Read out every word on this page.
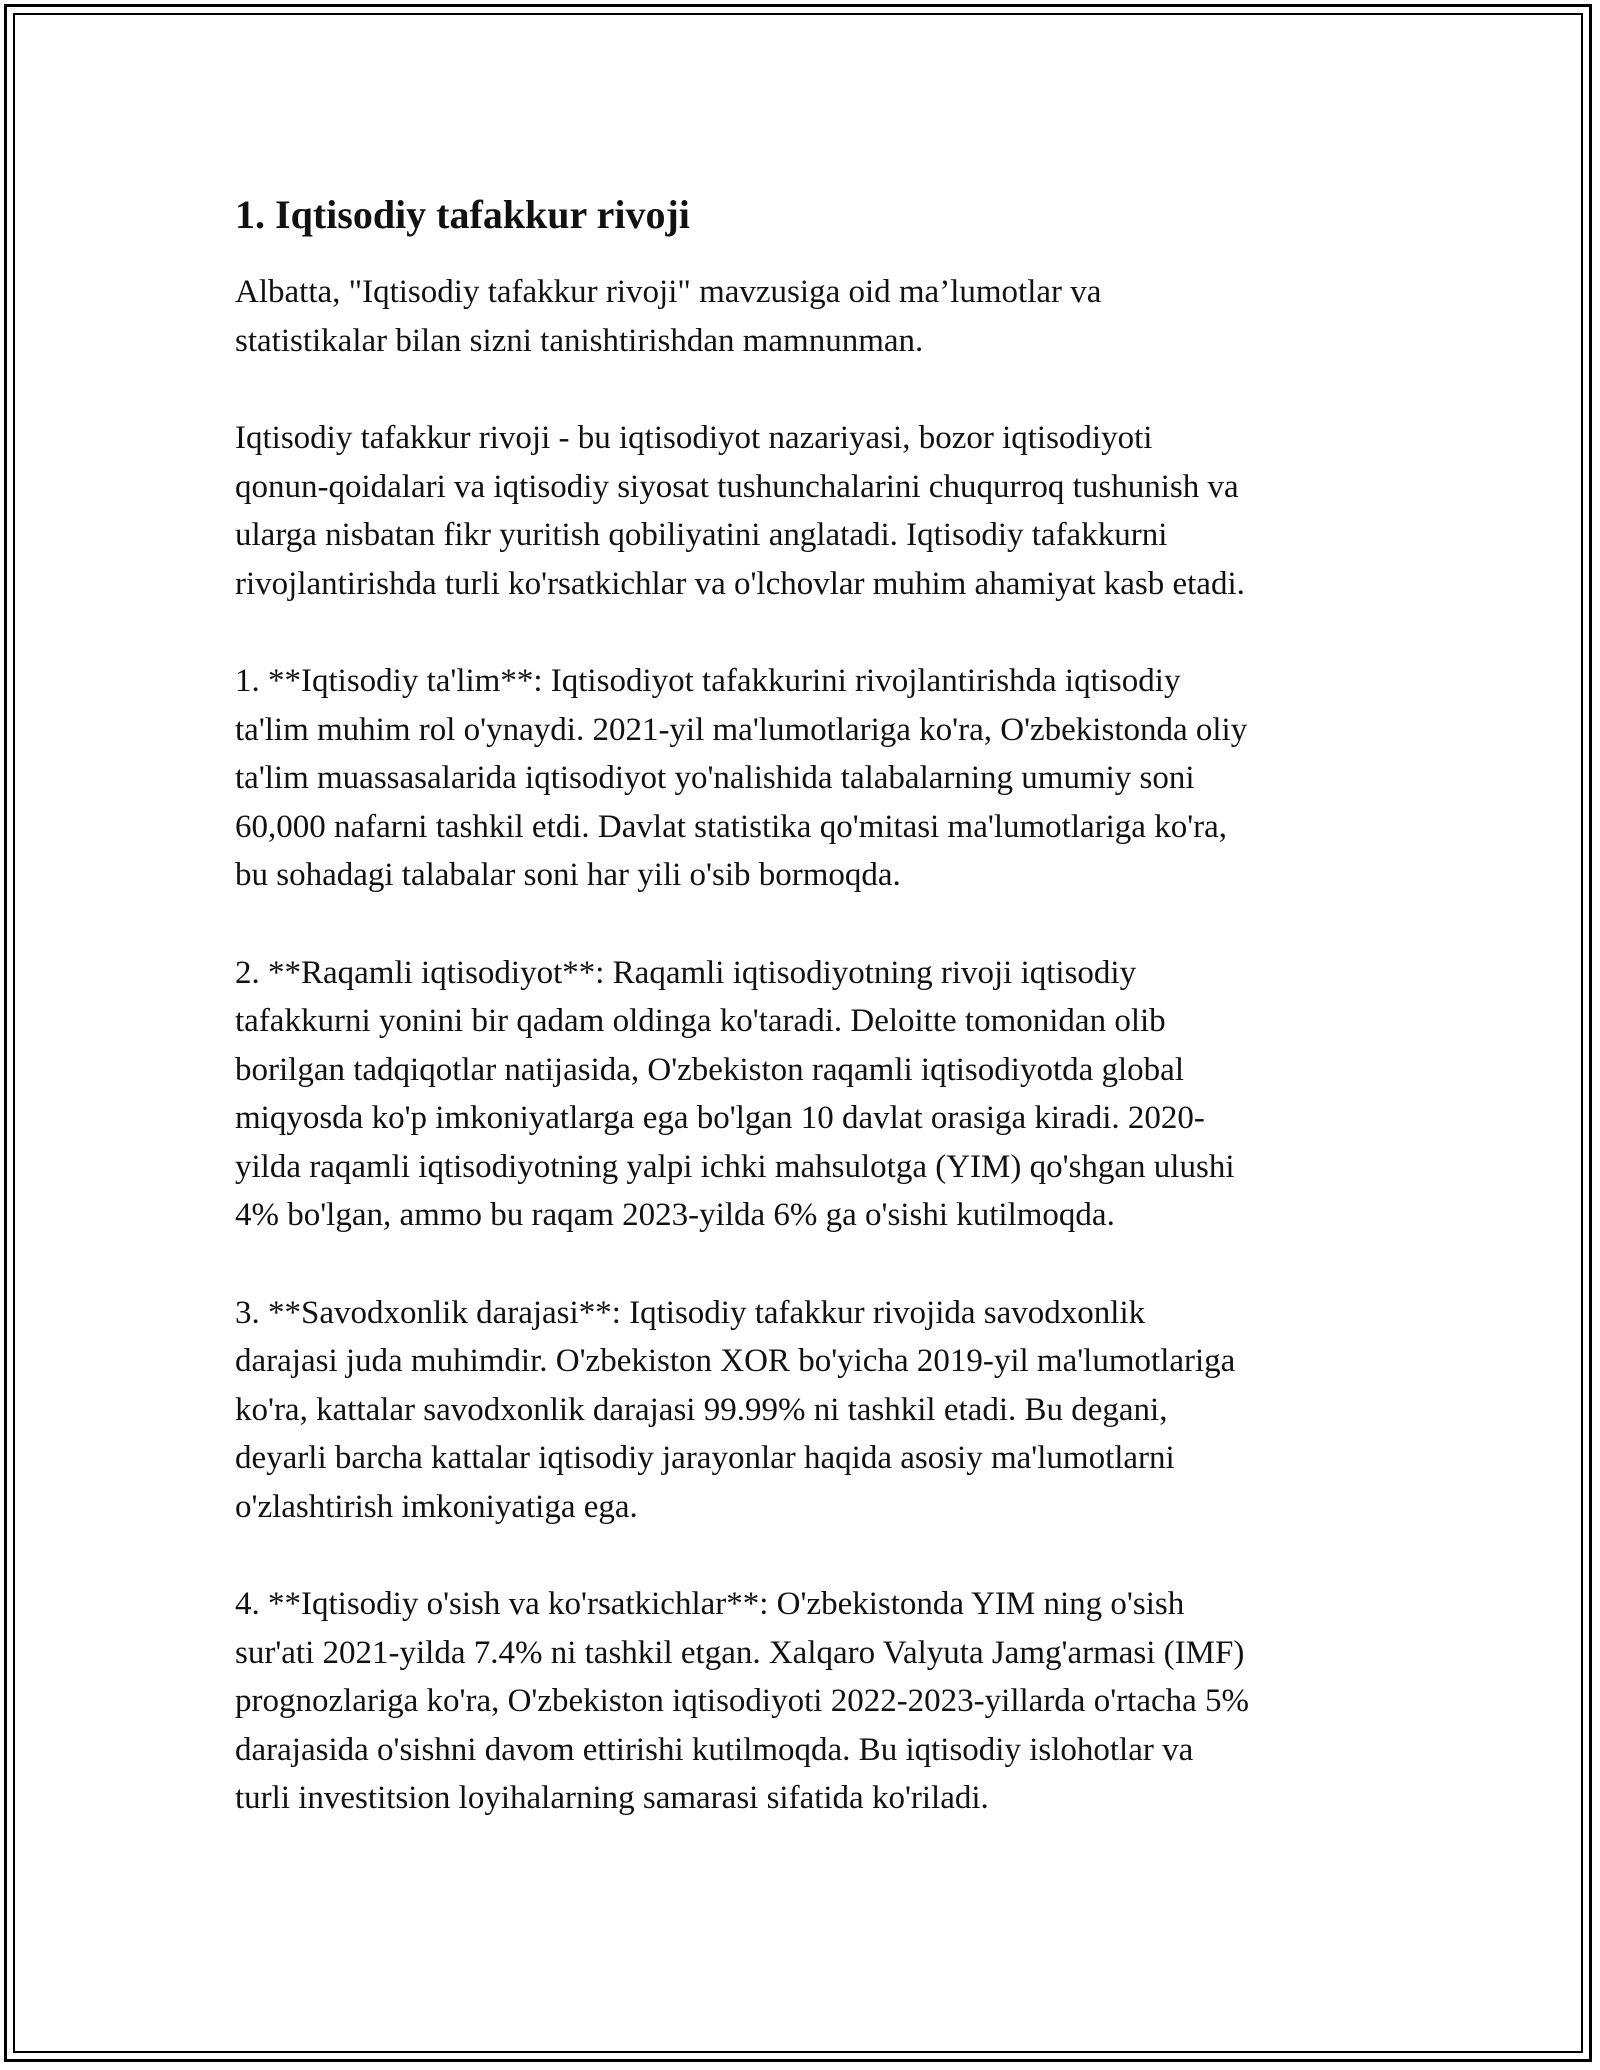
1. Iqtisodiy tafakkur rivoji

Albatta, "Iqtisodiy tafakkur rivoji" mavzusiga oid ma’lumotlar va
statistikalar bilan sizni tanishtirishdan mamnunman.

Iqtisodiy tafakkur rivoji - bu iqtisodiyot nazariyasi, bozor iqtisodiyoti
qonun-qoidalari va iqtisodiy siyosat tushunchalarini chuqurroq tushunish va
ularga nisbatan fikr yuritish qobiliyatini anglatadi. Iqtisodiy tafakkurni
rivojlantirishda turli ko'rsatkichlar va o'lchovlar muhim ahamiyat kasb etadi.

1. **Iqtisodiy ta'lim**: Iqtisodiyot tafakkurini rivojlantirishda iqtisodiy
ta'lim muhim rol o'ynaydi. 2021-yil ma'lumotlariga ko'ra, O'zbekistonda oliy
ta'lim muassasalarida iqtisodiyot yo'nalishida talabalarning umumiy soni
60,000 nafarni tashkil etdi. Davlat statistika qo'mitasi ma'lumotlariga ko'ra,
bu sohadagi talabalar soni har yili o'sib bormoqda.

2. **Raqamli iqtisodiyot**: Raqamli iqtisodiyotning rivoji iqtisodiy
tafakkurni yonini bir qadam oldinga ko'taradi. Deloitte tomonidan olib
borilgan tadqiqotlar natijasida, O'zbekiston raqamli iqtisodiyotda global
miqyosda ko'p imkoniyatlarga ega bo'lgan 10 davlat orasiga kiradi. 2020-
yilda raqamli iqtisodiyotning yalpi ichki mahsulotga (YIM) qo'shgan ulushi
4% bo'lgan, ammo bu raqam 2023-yilda 6% ga o'sishi kutilmoqda.

3. **Savodxonlik darajasi**: Iqtisodiy tafakkur rivojida savodxonlik
darajasi juda muhimdir. O'zbekiston XOR bo'yicha 2019-yil ma'lumotlariga
ko'ra, kattalar savodxonlik darajasi 99.99% ni tashkil etadi. Bu degani,
deyarli barcha kattalar iqtisodiy jarayonlar haqida asosiy ma'lumotlarni
o'zlashtirish imkoniyatiga ega.

4. **Iqtisodiy o'sish va ko'rsatkichlar**: O'zbekistonda YIM ning o'sish
sur'ati 2021-yilda 7.4% ni tashkil etgan. Xalqaro Valyuta Jamg'armasi (IMF)
prognozlariga ko'ra, O'zbekiston iqtisodiyoti 2022-2023-yillarda o'rtacha 5%
darajasida o'sishni davom ettirishi kutilmoqda. Bu iqtisodiy islohotlar va
turli investitsion loyihalarning samarasi sifatida ko'riladi.
